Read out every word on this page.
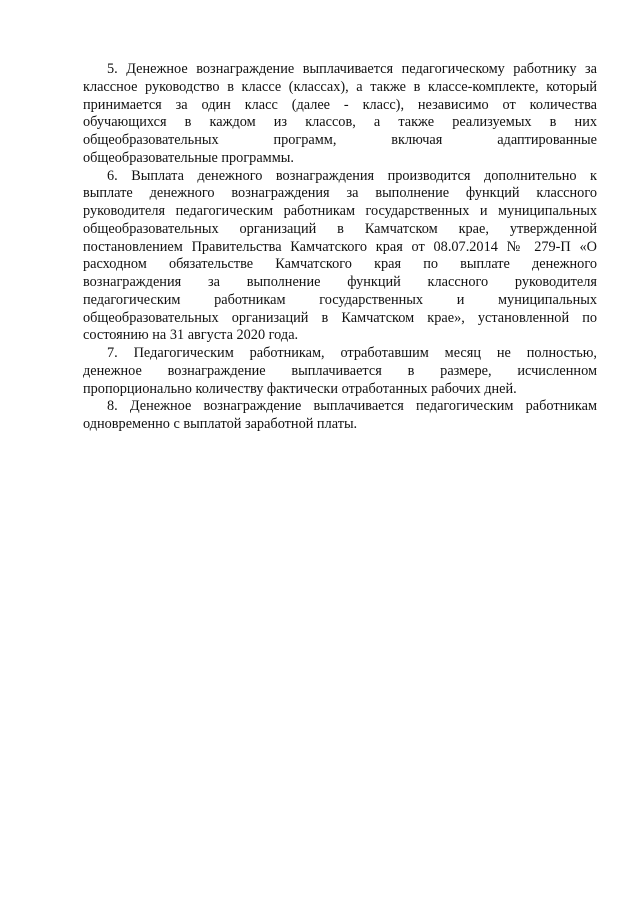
5. Денежное вознаграждение выплачивается педагогическому работнику за
классное руководство в классе (классах), а также в классе-комплекте, который
принимается за один класс (далее - класс), независимо от количества
обучающихся в каждом из классов, а также реализуемых в них
общеобразовательных программ, включая адаптированные
общеобразовательные программы.
6. Выплата денежного вознаграждения производится дополнительно к
выплате денежного вознаграждения за выполнение функций классного
руководителя педагогическим работникам государственных и муниципальных
общеобразовательных организаций в Камчатском крае, утвержденной
постановлением Правительства Камчатского края от 08.07.2014 № 279-П «О
расходном обязательстве Камчатского края по выплате денежного
вознаграждения за выполнение функций классного руководителя
педагогическим работникам государственных и муниципальных
общеобразовательных организаций в Камчатском крае», установленной по
состоянию на 31 августа 2020 года.
7. Педагогическим работникам, отработавшим месяц не полностью,
денежное вознаграждение выплачивается в размере, исчисленном
пропорционально количеству фактически отработанных рабочих дней.
8. Денежное вознаграждение выплачивается педагогическим работникам
одновременно с выплатой заработной платы.
